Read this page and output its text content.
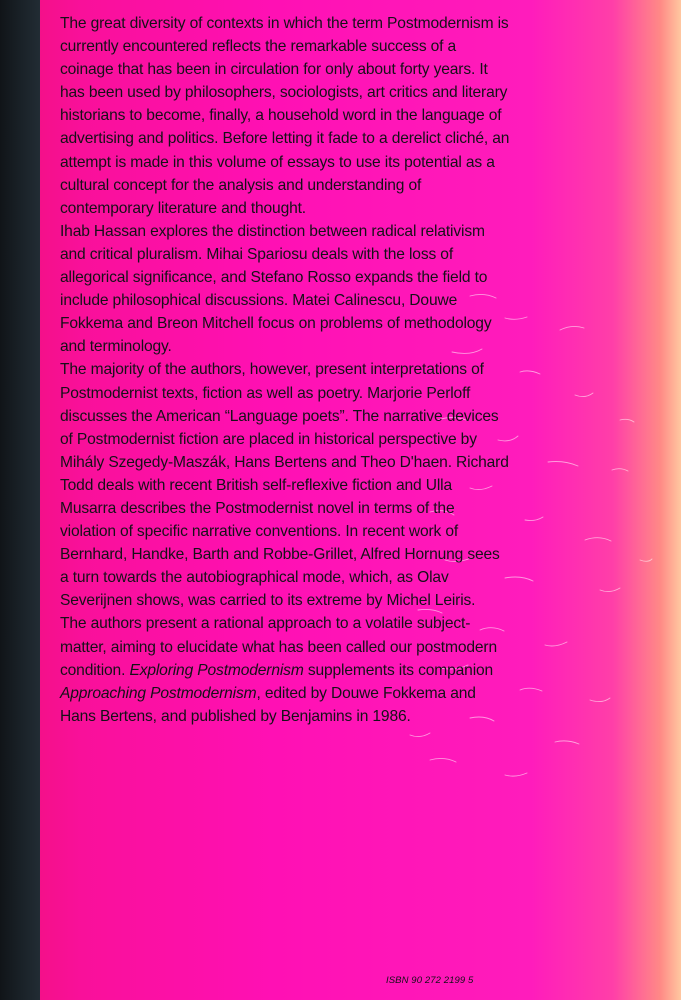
The great diversity of contexts in which the term Postmodernism is currently encountered reflects the remarkable success of a coinage that has been in circulation for only about forty years. It has been used by philosophers, sociologists, art critics and literary historians to become, finally, a household word in the language of advertising and politics. Before letting it fade to a derelict cliché, an attempt is made in this volume of essays to use its potential as a cultural concept for the analysis and understanding of contemporary literature and thought.

Ihab Hassan explores the distinction between radical relativism and critical pluralism. Mihai Spariosu deals with the loss of allegorical significance, and Stefano Rosso expands the field to include philosophical discussions. Matei Calinescu, Douwe Fokkema and Breon Mitchell focus on problems of methodology and terminology.

The majority of the authors, however, present interpretations of Postmodernist texts, fiction as well as poetry. Marjorie Perloff discusses the American “Language poets”. The narrative devices of Postmodernist fiction are placed in historical perspective by Mihály Szegedy-Maszák, Hans Bertens and Theo D'haen. Richard Todd deals with recent British self-reflexive fiction and Ulla Musarra describes the Postmodernist novel in terms of the violation of specific narrative conventions. In recent work of Bernhard, Handke, Barth and Robbe-Grillet, Alfred Hornung sees a turn towards the autobiographical mode, which, as Olav Severijnen shows, was carried to its extreme by Michel Leiris.

The authors present a rational approach to a volatile subject-matter, aiming to elucidate what has been called our postmodern condition. Exploring Postmodernism supplements its companion Approaching Postmodernism, edited by Douwe Fokkema and Hans Bertens, and published by Benjamins in 1986.

ISBN 90 272 2199 5
